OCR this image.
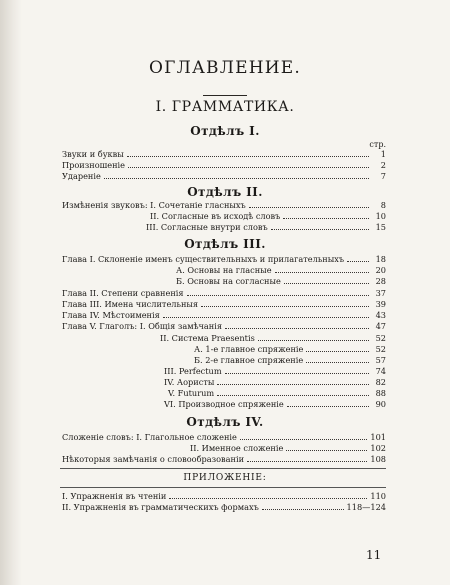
ОГЛАВЛЕНИЕ.
I. ГРАММАТИКА.
Отдѣлъ I.
стр.
Звуки и буквы	1
Произношеніе	2
Удареніе	7
Отдѣлъ II.
Измѣненія звуковъ: I. Сочетаніе гласныхъ	8
II. Согласные въ исходѣ словъ	10
III. Согласные внутри словъ	15
Отдѣлъ III.
Глава I. Склоненіе именъ существительныхъ и прилагательныхъ	18
А. Основы на гласные	20
Б. Основы на согласные	28
Глава II. Степени сравненія	37
Глава III. Имена числительныя	39
Глава IV. Мѣстоименія	43
Глава V. Глаголъ: I. Общія замѣчанія	47
II. Система Praesentis	52
А. 1-е главное спряженіе	52
Б. 2-е главное спряженіе	57
III. Perfectum	74
IV. Аористы	82
V. Futurum	88
VI. Производное спряженіе	90
Отдѣлъ IV.
Сложеніе словъ: I. Глагольное сложеніе	101
II. Именное сложеніе	102
Нѣкоторыя замѣчанія о словообразованіи	108
ПРИЛОЖЕНІЕ:
I. Упражненія въ чтеніи	110
II. Упражненія въ грамматическихъ формахъ	118—124
11
